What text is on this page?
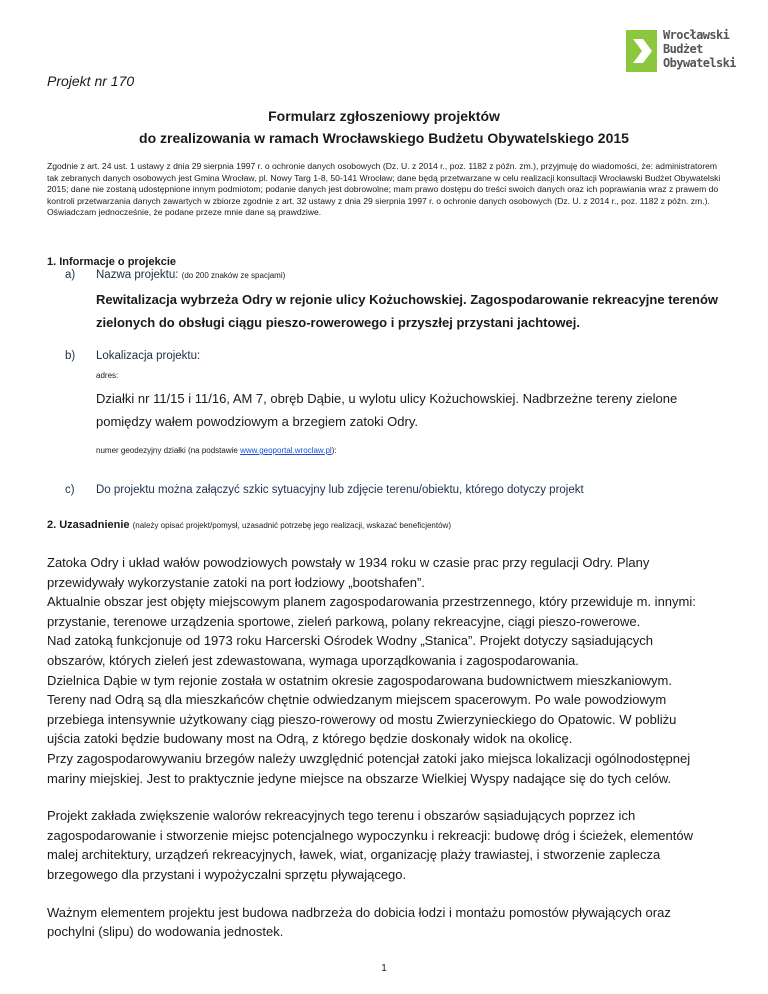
Wrocławski
Budżet
Obywatelski
Projekt nr 170
Formularz zgłoszeniowy projektów
do zrealizowania w ramach Wrocławskiego Budżetu Obywatelskiego 2015

Zgodnie z art. 24 ust. 1 ustawy z dnia 29 sierpnia 1997 r. o ochronie danych osobowych (Dz. U. z 2014 r., poz. 1182 z późn. zm.), przyjmuję do wiadomości, że: administratorem tak zebranych danych osobowych jest Gmina Wrocław, pl. Nowy Targ 1-8, 50-141 Wrocław; dane będą przetwarzane w celu realizacji konsultacji Wrocławski Budżet Obywatelski 2015; dane nie zostaną udostępnione innym podmiotom; podanie danych jest dobrowolne; mam prawo dostępu do treści swoich danych oraz ich poprawiania wraz z prawem do kontroli przetwarzania danych zawartych w zbiorze zgodnie z art. 32 ustawy z dnia 29 sierpnia 1997 r. o ochronie danych osobowych (Dz. U. z 2014 r., poz. 1182 z późn. zm.).

Oświadczam jednocześnie, że podane przeze mnie dane są prawdziwe.

1. Informacje o projekcie
a) Nazwa projektu: (do 200 znaków ze spacjami)
Rewitalizacja wybrzeża Odry w rejonie ulicy Kożuchowskiej. Zagospodarowanie rekreacyjne terenów zielonych do obsługi ciągu pieszo-rowerowego i przyszłej przystani jachtowej.
b) Lokalizacja projektu:
adres:
Działki nr 11/15 i 11/16, AM 7, obręb Dąbie, u wylotu ulicy Kożuchowskiej. Nadbrzeżne tereny zielone pomiędzy wałem powodziowym a brzegiem zatoki Odry.
numer geodezyjny działki (na podstawie www.geoportal.wroclaw.pl):
c) Do projektu można załączyć szkic sytuacyjny lub zdjęcie terenu/obiektu, którego dotyczy projekt
2. Uzasadnienie (należy opisać projekt/pomysł, uzasadnić potrzebę jego realizacji, wskazać beneficjentów)

Zatoka Odry i układ wałów powodziowych powstały w 1934 roku w czasie prac przy regulacji Odry. Plany
przewidywały wykorzystanie zatoki na port łodziowy „bootshafen”.
Aktualnie obszar jest objęty miejscowym planem zagospodarowania przestrzennego, który przewiduje m. innymi:
przystanie, terenowe urządzenia sportowe, zieleń parkową, polany rekreacyjne, ciągi pieszo-rowerowe.
Nad zatoką funkcjonuje od 1973 roku Harcerski Ośrodek Wodny „Stanica”. Projekt dotyczy sąsiadujących
obszarów, których zieleń jest zdewastowana, wymaga uporządkowania i zagospodarowania.
Dzielnica Dąbie w tym rejonie została w ostatnim okresie zagospodarowana budownictwem mieszkaniowym.
Tereny nad Odrą są dla mieszkańców chętnie odwiedzanym miejscem spacerowym. Po wale powodziowym
przebiega intensywnie użytkowany ciąg pieszo-rowerowy od mostu Zwierzynieckiego do Opatowic. W pobliżu
ujścia zatoki będzie budowany most na Odrą, z którego będzie doskonały widok na okolicę.
Przy zagospodarowywaniu brzegów należy uwzględnić potencjał zatoki jako miejsca lokalizacji ogólnodostępnej
mariny miejskiej. Jest to praktycznie jedyne miejsce na obszarze Wielkiej Wyspy nadające się do tych celów.

Projekt zakłada zwiększenie walorów rekreacyjnych tego terenu i obszarów sąsiadujących poprzez ich
zagospodarowanie i stworzenie miejsc potencjalnego wypoczynku i rekreacji: budowę dróg i ścieżek, elementów
malej architektury, urządzeń rekreacyjnych, ławek, wiat, organizację plaży trawiastej, i stworzenie zaplecza
brzegowego dla przystani i wypożyczalni sprzętu pływającego.

Ważnym elementem projektu jest budowa nadbrzeża do dobicia łodzi i montażu pomostów pływających oraz
pochylni (slipu) do wodowania jednostek.

1
